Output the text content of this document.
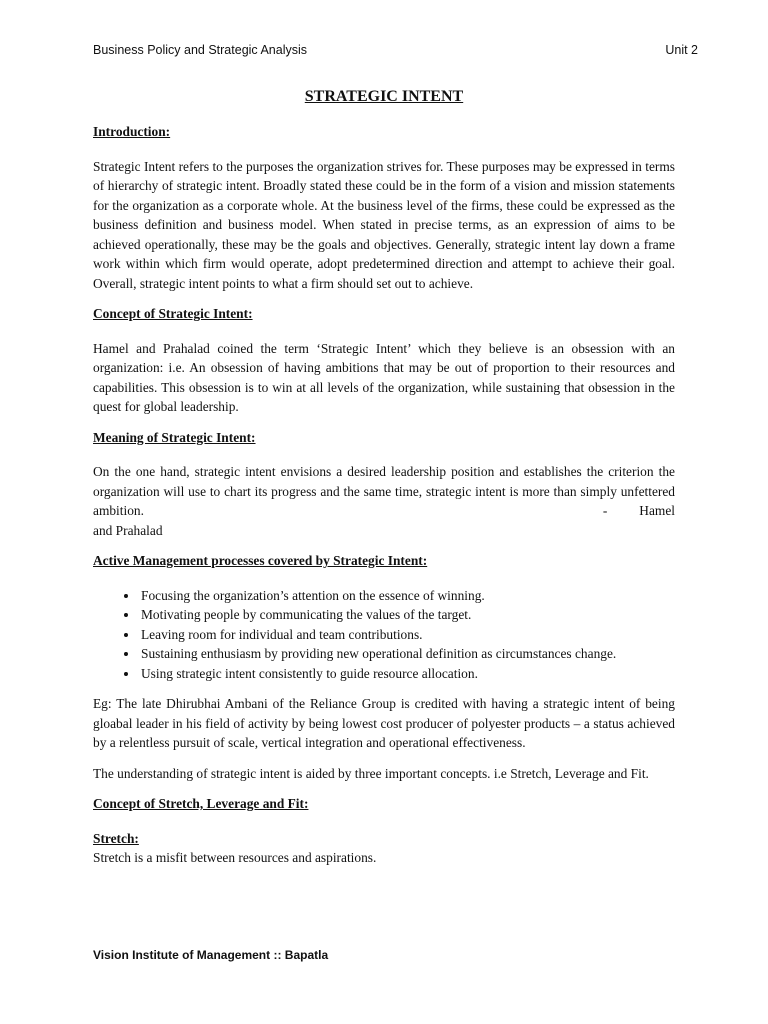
Business Policy and Strategic Analysis	Unit 2
STRATEGIC INTENT
Introduction:
Strategic Intent refers to the purposes the organization strives for. These purposes may be expressed in terms of hierarchy of strategic intent. Broadly stated these could be in the form of a vision and mission statements for the organization as a corporate whole. At the business level of the firms, these could be expressed as the business definition and business model. When stated in precise terms, as an expression of aims to be achieved operationally, these may be the goals and objectives. Generally, strategic intent lay down a frame work within which firm would operate, adopt predetermined direction and attempt to achieve their goal. Overall, strategic intent points to what a firm should set out to achieve.
Concept of Strategic Intent:
Hamel and Prahalad coined the term ‘Strategic Intent’ which they believe is an obsession with an organization: i.e. An obsession of having ambitions that may be out of proportion to their resources and capabilities. This obsession is to win at all levels of the organization, while sustaining that obsession in the quest for global leadership.
Meaning of Strategic Intent:
On the one hand, strategic intent envisions a desired leadership position and establishes the criterion the organization will use to chart its progress and the same time, strategic intent is more than simply unfettered ambition.	- Hamel
and Prahalad
Active Management processes covered by Strategic Intent:
• Focusing the organization’s attention on the essence of winning.
• Motivating people by communicating the values of the target.
• Leaving room for individual and team contributions.
• Sustaining enthusiasm by providing new operational definition as circumstances change.
• Using strategic intent consistently to guide resource allocation.
Eg: The late Dhirubhai Ambani of the Reliance Group is credited with having a strategic intent of being gloabal leader in his field of activity by being lowest cost producer of polyester products – a status achieved by a relentless pursuit of scale, vertical integration and operational effectiveness.
The understanding of strategic intent is aided by three important concepts. i.e Stretch, Leverage and Fit.
Concept of Stretch, Leverage and Fit:
Stretch:
Stretch is a misfit between resources and aspirations.
Vision Institute of Management :: Bapatla
